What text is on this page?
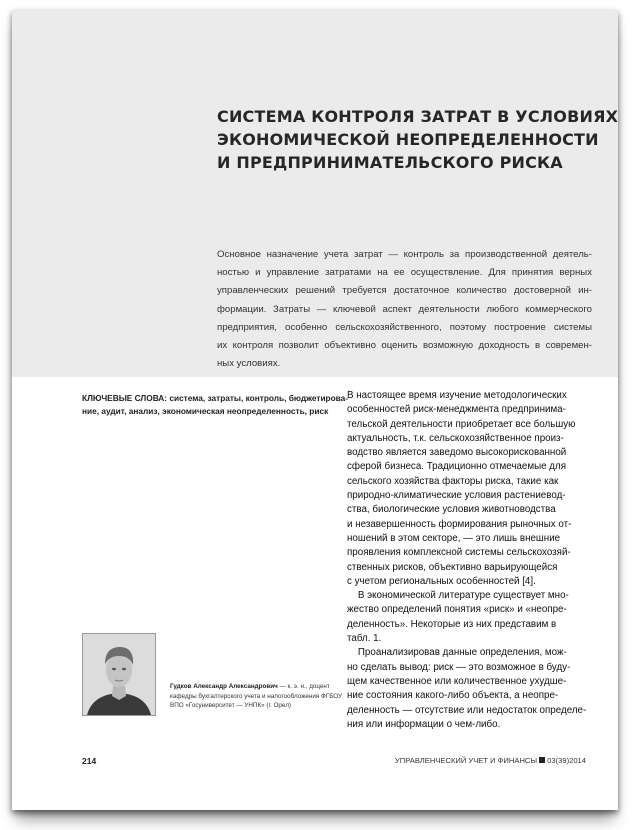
СИСТЕМА КОНТРОЛЯ ЗАТРАТ В УСЛОВИЯХ
ЭКОНОМИЧЕСКОЙ НЕОПРЕДЕЛЕННОСТИ
И ПРЕДПРИНИМАТЕЛЬСКОГО РИСКА
Основное назначение учета затрат — контроль за производственной деятель-
ностью и управление затратами на ее осуществление. Для принятия верных
управленческих решений требуется достаточное количество достоверной ин-
формации. Затраты — ключевой аспект деятельности любого коммерческого
предприятия, особенно сельскохозяйственного, поэтому построение системы
их контроля позволит объективно оценить возможную доходность в современ-
ных условиях.
КЛЮЧЕВЫЕ СЛОВА: система, затраты, контроль, бюджетирова-
ние, аудит, анализ, экономическая неопределенность, риск
В настоящее время изучение методологических
особенностей риск-менеджмента предпринима-
тельской деятельности приобретает все большую
актуальность, т.к. сельскохозяйственное произ-
водство является заведомо высокорискованной
сферой бизнеса. Традиционно отмечаемые для
сельского хозяйства факторы риска, такие как
природно-климатические условия растениевод-
ства, биологические условия животноводства
и незавершенность формирования рыночных от-
ношений в этом секторе, — это лишь внешние
проявления комплексной системы сельскохозяй-
ственных рисков, объективно варьирующейся
с учетом региональных особенностей [4].
В экономической литературе существует мно-
жество определений понятия «риск» и «неопре-
деленность». Некоторые из них представим в
табл. 1.
Проанализировав данные определения, мож-
но сделать вывод: риск — это возможное в буду-
щем качественное или количественное ухудше-
ние состояния какого-либо объекта, а неопре-
деленность — отсутствие или недостаток определе-
ния или информации о чем-либо.
Гудков Александр Александрович — к. э. н., доцент
кафедры бухгалтерского учета и налогообложения ФГБОУ
ВПО «Госуниверситет — УНПК» (г. Орел)
214	УПРАВЛЕНЧЕСКИЙ УЧЕТ И ФИНАНСЫ 03(39)2014
